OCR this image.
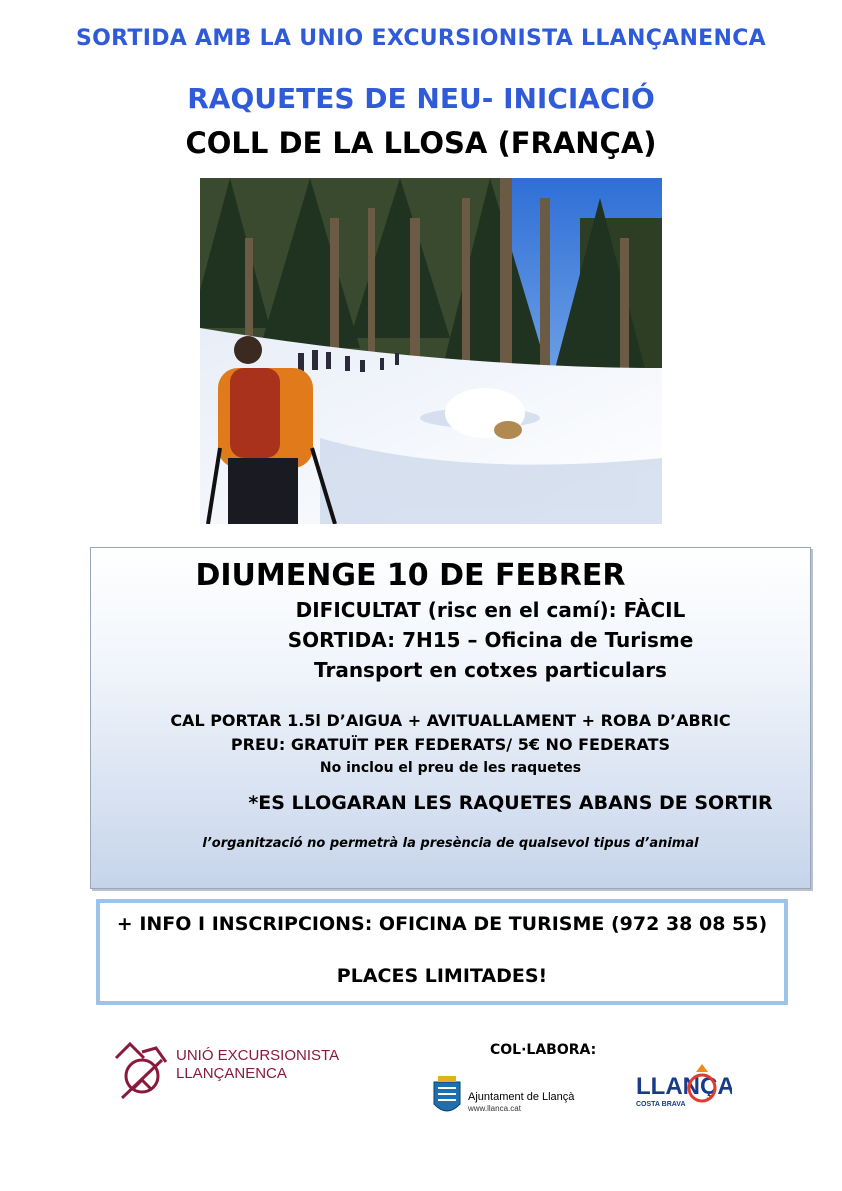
SORTIDA AMB LA UNIO EXCURSIONISTA LLANÇANENCA
RAQUETES DE NEU- INICIACIÓ
COLL DE LA LLOSA (FRANÇA)
DIUMENGE 10 DE FEBRER
DIFICULTAT (risc en el camí): FÀCIL
SORTIDA: 7H15 – Oficina de Turisme
Transport en cotxes particulars
CAL PORTAR 1.5l D’AIGUA + AVITUALLAMENT + ROBA D’ABRIC
PREU: GRATUÏT PER FEDERATS/ 5€ NO FEDERATS
No inclou el preu de les raquetes
*ES LLOGARAN LES RAQUETES ABANS DE SORTIR
l’organització no permetrà la presència de qualsevol tipus d’animal
+ INFO I INSCRIPCIONS: OFICINA DE TURISME (972 38 08 55)
PLACES LIMITADES!
UNIÓ EXCURSIONISTA
LLANÇANENCA
COL·LABORA:
Ajuntament de Llançà
www.llanca.cat
LLANÇA
COSTA BRAVA
